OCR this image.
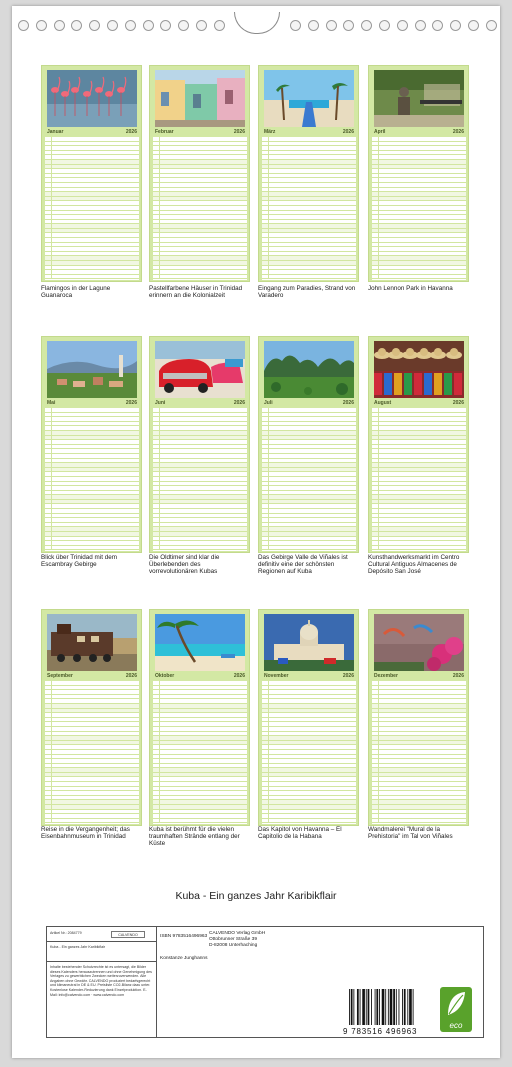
Januar	2026
Flamingos in der Lagune Guanaroca
Februar	2026
Pastellfarbene Häuser in Trinidad erinnern an die Kolonialzeit
März	2026
Eingang zum Paradies, Strand von Varadero
April	2026
John Lennon Park in Havanna
Mai	2026
Blick über Trinidad mit dem Escambray Gebirge
Juni	2026
Die Oldtimer sind klar die Überlebenden des vorrevolutionären Kubas
Juli	2026
Das Gebirge Valle de Viñales ist definitiv eine der schönsten Regionen auf Kuba
August	2026
Kunsthandwerksmarkt im Centro Cultural Antiguos Almacenes de Depósito San José
September	2026
Reise in die Vergangenheit; das Eisenbahnmuseum in Trinidad
Oktober	2026
Kuba ist berühmt für die vielen traumhaften Strände entlang der Küste
November	2026
Das Kapitol von Havanna – El Capitolio de la Habana
Dezember	2026
Wandmalerei "Mural de la Prehistoria" im Tal von Viñales
Kuba - Ein ganzes Jahr Karibikflair
Artikel Nr.: 2084779	CALVENDO
Kuba - Ein ganzes Jahr Karibikflair
Inhalte bestehender Schutzrechte ist es untersagt, die Bilder dieses Kalenders herauszutrennen und ohne Genehmigung des Verlages zu gewerblichen Zwecken weiterzuverwenden. Alle Angaben ohne Gewähr. CALVENDO produziert bedarfsgerecht und klimaneutral in DE & EU. Preisliste CO2-Bilanz dazu unter. Kostenlose Kalender-Reduzierung dank Einzelproduktion. E-Mail: info@calvendo.com · www.calvendo.com
ISBN 9783516496963
Konstanze Junghanns
CALVENDO Verlag GmbH
Ottobrunner Straße 39
D-82008 Unterhaching
9 783516 496963
eco
